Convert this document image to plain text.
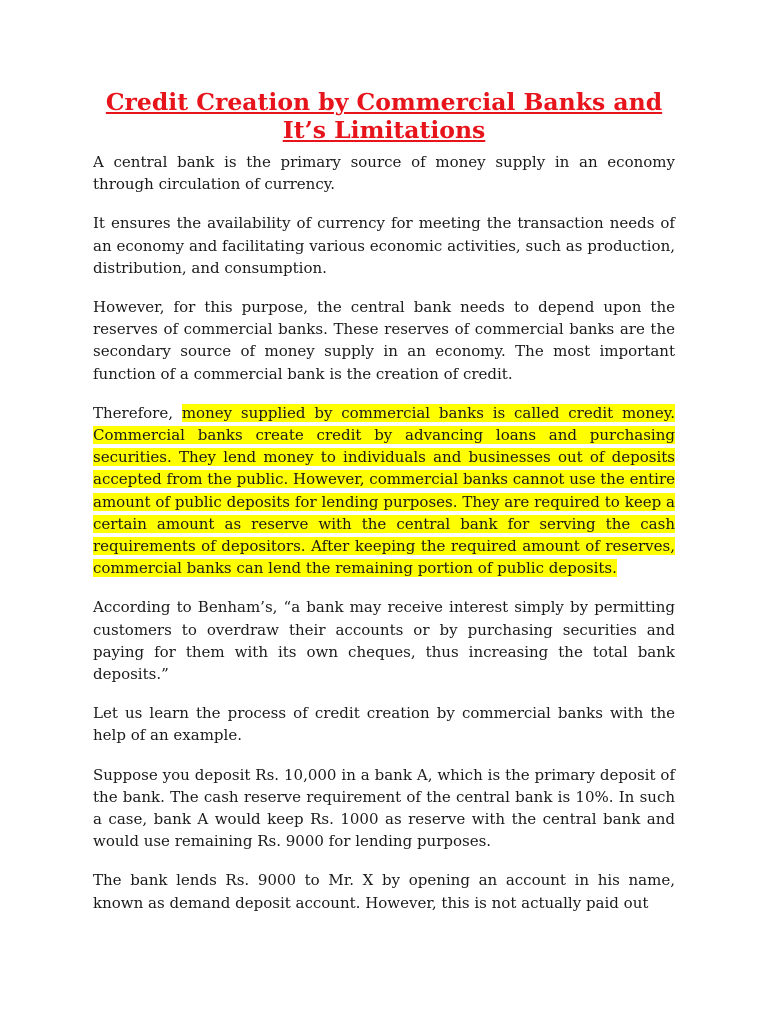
Credit Creation by Commercial Banks and
It’s Limitations

A central bank is the primary source of money supply in an economy through circulation of currency.

It ensures the availability of currency for meeting the transaction needs of an economy and facilitating various economic activities, such as production, distribution, and consumption.

However, for this purpose, the central bank needs to depend upon the reserves of commercial banks. These reserves of commercial banks are the secondary source of money supply in an economy. The most important function of a commercial bank is the creation of credit.

Therefore, money supplied by commercial banks is called credit money. Commercial banks create credit by advancing loans and purchasing securities. They lend money to individuals and businesses out of deposits accepted from the public. However, commercial banks cannot use the entire amount of public deposits for lending purposes. They are required to keep a certain amount as reserve with the central bank for serving the cash requirements of depositors. After keeping the required amount of reserves, commercial banks can lend the remaining portion of public deposits.

According to Benham’s, “a bank may receive interest simply by permitting customers to overdraw their accounts or by purchasing securities and paying for them with its own cheques, thus increasing the total bank deposits.”

Let us learn the process of credit creation by commercial banks with the help of an example.

Suppose you deposit Rs. 10,000 in a bank A, which is the primary deposit of the bank. The cash reserve requirement of the central bank is 10%. In such a case, bank A would keep Rs. 1000 as reserve with the central bank and would use remaining Rs. 9000 for lending purposes.

The bank lends Rs. 9000 to Mr. X by opening an account in his name, known as demand deposit account. However, this is not actually paid out
